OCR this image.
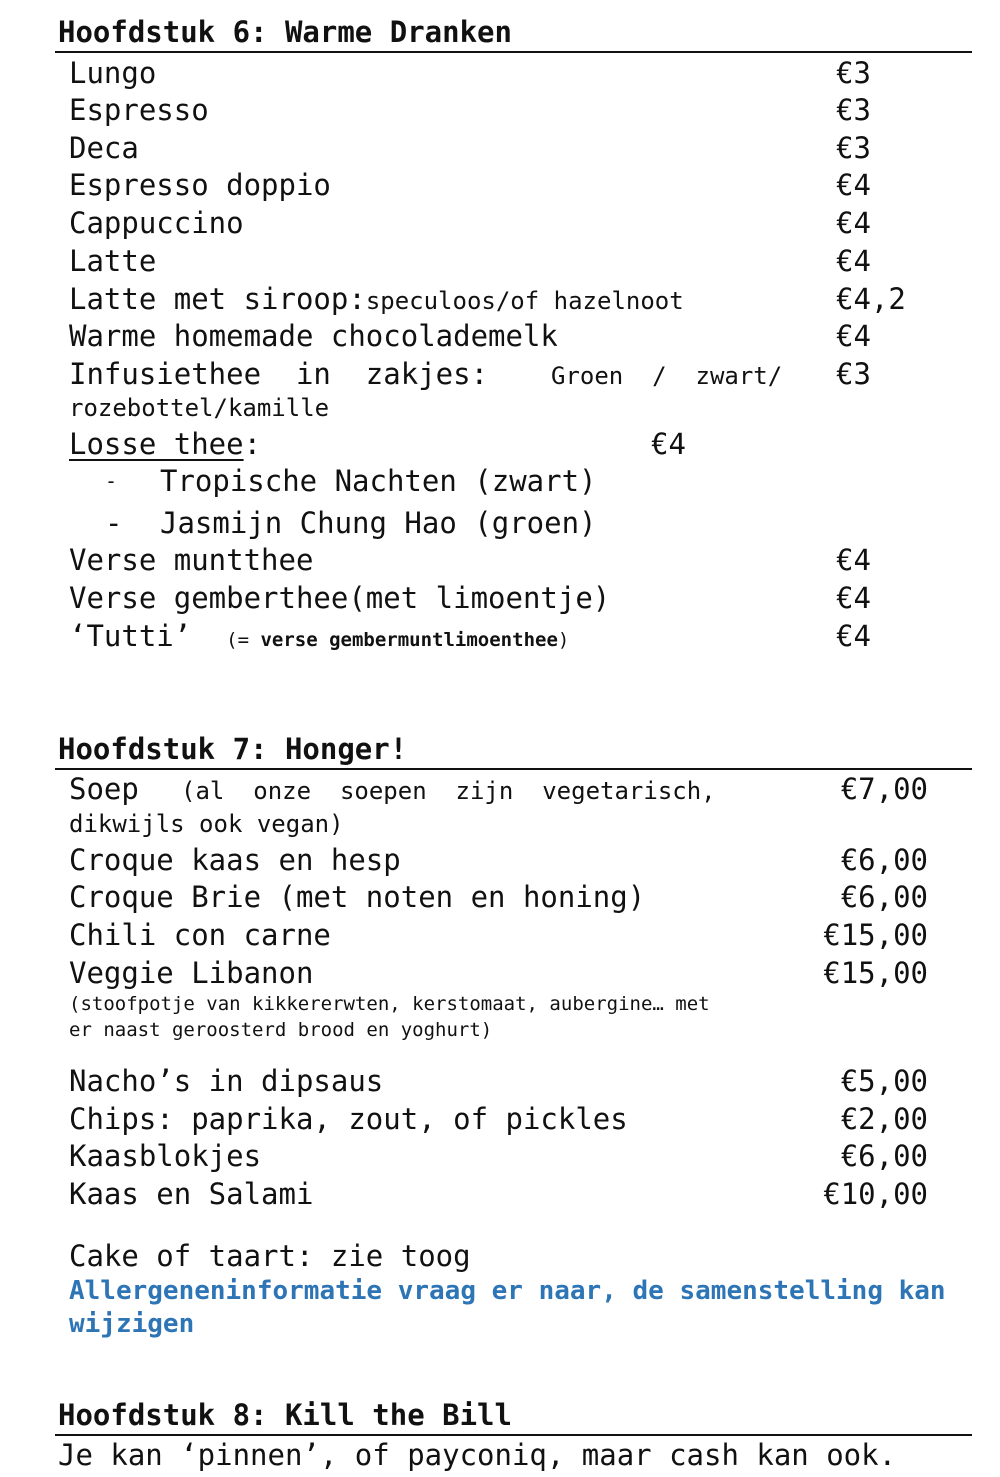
Hoofdstuk 6: Warme Dranken
Lungo	€3
Espresso	€3
Deca	€3
Espresso doppio	€4
Cappuccino	€4
Latte	€4
Latte met siroop:speculoos/of hazelnoot	€4,2
Warme homemade chocolademelk	€4
Infusiethee  in  zakjes:	Groen  /  zwart/ €3
rozebottel/kamille
Losse thee:	€4
- Tropische Nachten (zwart)
- Jasmijn Chung Hao (groen)
Verse muntthee	€4
Verse gemberthee(met limoentje)	€4
‘Tutti’ (= verse gembermuntlimoenthee)	€4
Hoofdstuk 7: Honger!
Soep (al  onze  soepen  zijn  vegetarisch,	€7,00
dikwijls ook vegan)
Croque kaas en hesp	€6,00
Croque Brie (met noten en honing)	€6,00
Chili con carne	€15,00
Veggie Libanon	€15,00
(stoofpotje van kikkererwten, kerstomaat, aubergine… met
er naast geroosterd brood en yoghurt)
Nacho’s in dipsaus	€5,00
Chips: paprika, zout, of pickles	€2,00
Kaasblokjes	€6,00
Kaas en Salami	€10,00
Cake of taart: zie toog
Allergeneninformatie vraag er naar, de samenstelling kan wijzigen
Hoofdstuk 8: Kill the Bill
Je kan ‘pinnen’, of payconiq, maar cash kan ook.
